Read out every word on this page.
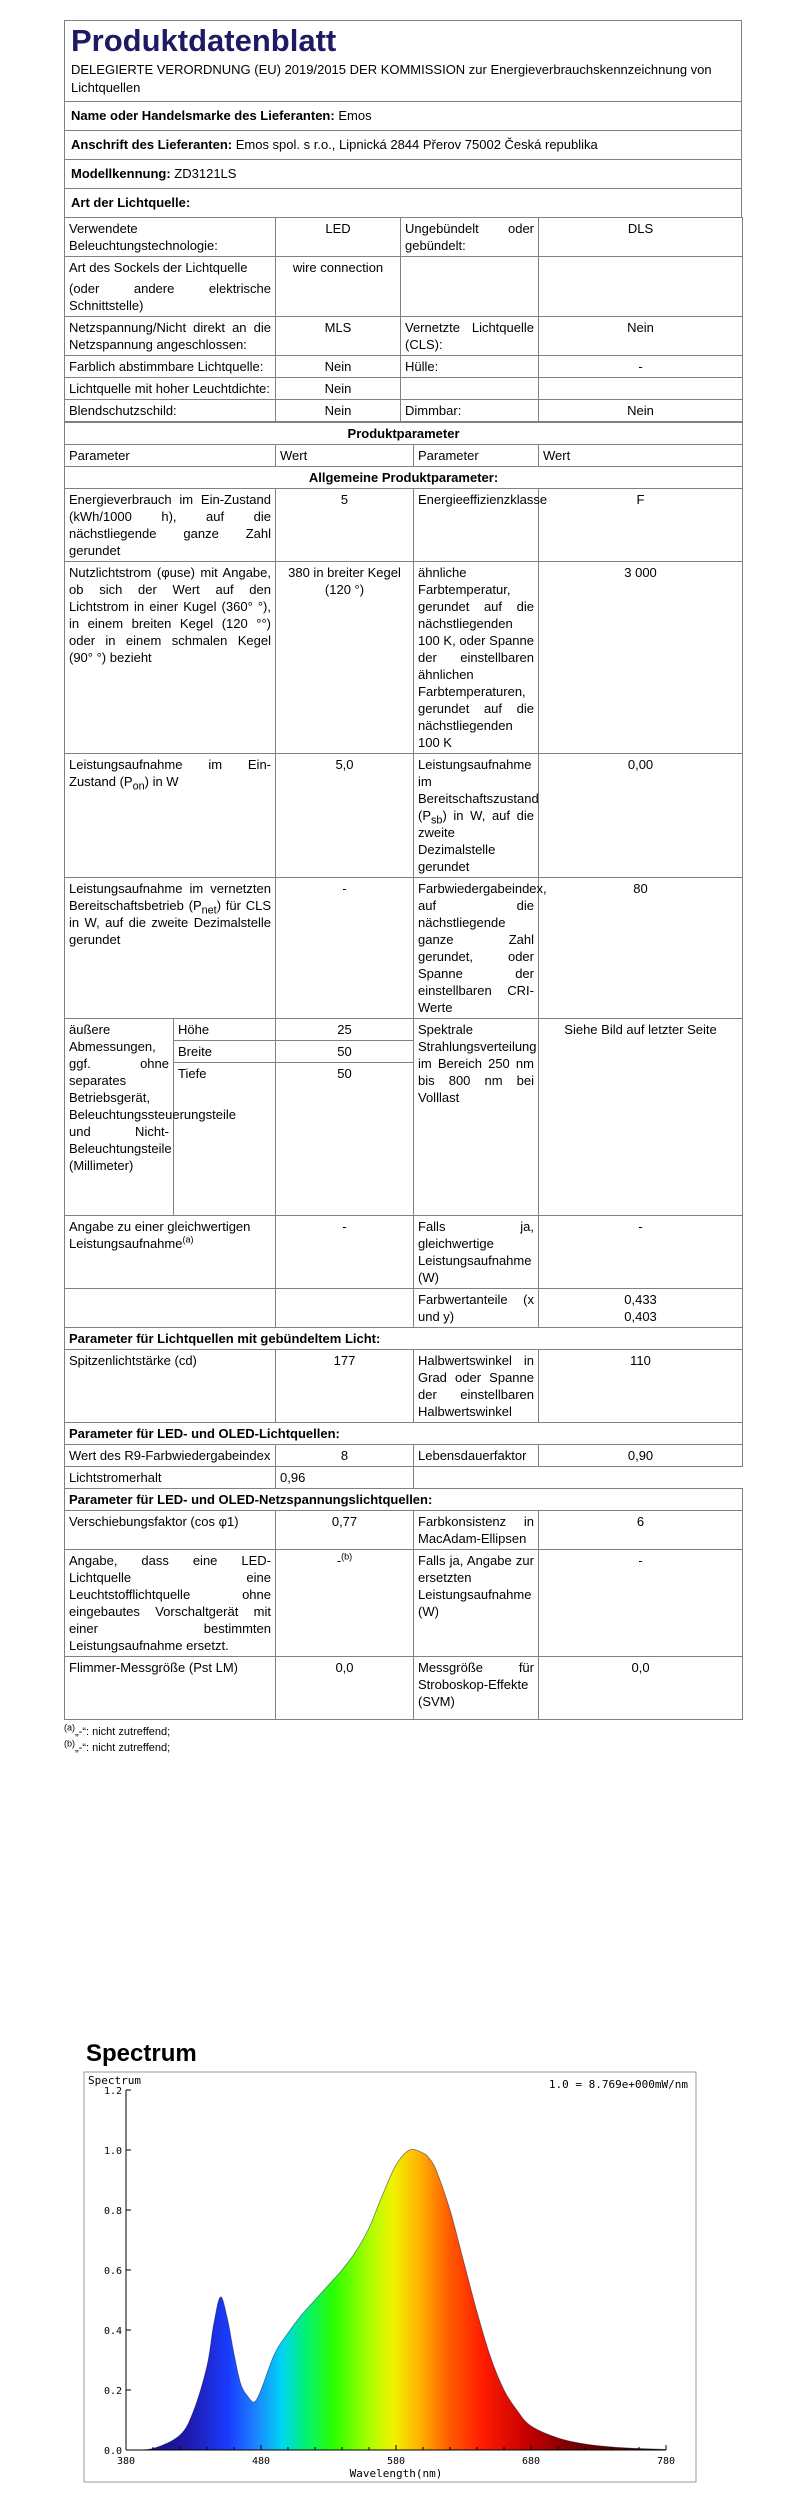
Produktdatenblatt
DELEGIERTE VERORDNUNG (EU) 2019/2015 DER KOMMISSION zur Energieverbrauchskennzeichnung von Lichtquellen
Name oder Handelsmarke des Lieferanten: Emos
Anschrift des Lieferanten: Emos spol. s r.o., Lipnická 2844 Přerov 75002 Česká republika
Modellkennung: ZD3121LS
Art der Lichtquelle:
Verwendete Beleuchtungstechnologie:	LED	Ungebündelt oder gebündelt:	DLS

Art des Sockels der Lichtquelle
(oder andere elektrische Schnittstelle)	wire connection		
Netzspannung/Nicht direkt an die Netzspannung angeschlossen:	MLS	Vernetzte Lichtquelle (CLS):	Nein
Farblich abstimmbare Lichtquelle:	Nein	Hülle:	-
Lichtquelle mit hoher Leuchtdichte:	Nein		
Blendschutzschild:	Nein	Dimmbar:	Nein
Produktparameter				
Parameter		Wert	Parameter	Wert
Allgemeine Produktparameter:				
Energieverbrauch im Ein-Zustand (kWh/1000 h), auf die nächstliegende ganze Zahl gerundet		5	Energieeffizienzklasse	F
Nutzlichtstrom (φuse) mit Angabe, ob sich der Wert auf den Lichtstrom in einer Kugel (360° °), in einem breiten Kegel (120 °°) oder in einem schmalen Kegel (90° °) bezieht		380 in breiter Kegel (120 °)	ähnliche Farbtemperatur, gerundet auf die nächstliegenden 100 K, oder Spanne der einstellbaren ähnlichen Farbtemperaturen, gerundet auf die nächstliegenden 100 K	3 000
Leistungsaufnahme im Ein-Zustand $(P_{on})$ in W		5,0	Leistungsaufnahme im Bereitschaftszustand $(P_{sb})$ in W, auf die zweite Dezimalstelle gerundet	0,00
Leistungsaufnahme im vernetzten Bereitschaftsbetrieb $(P_{net})$ für CLS in W, auf die zweite Dezimalstelle gerundet		-	Farbwiedergabeindex, auf die nächstliegende ganze Zahl gerundet, oder Spanne der einstellbaren CRI-Werte	80
äußere Abmessungen, ggf. ohne separates Betriebsgerät, Beleuchtungssteuerungsteile und Nicht-Beleuchtungsteile (Millimeter)	Höhe	25	Spektrale Strahlungsverteilung im Bereich 250 nm bis 800 nm bei Volllast	Siehe Bild auf letzter Seite
	Breite	50		
	Tiefe	50		
Angabe zu einer gleichwertigen Leistungsaufnahme$^{(a)}$		-	Falls ja, gleichwertige Leistungsaufnahme (W)	-
			Farbwertanteile (x und y)	0,433
0,403

Parameter für Lichtquellen mit gebündeltem Licht:				
Spitzenlichtstärke (cd)		177	Halbwertswinkel in Grad oder Spanne der einstellbaren Halbwertswinkel	110
Parameter für LED- und OLED-Lichtquellen:				
Wert des R9-Farbwiedergabeindex		8	Lebensdauerfaktor	0,90
Lichtstromerhalt		0,96		
Parameter für LED- und OLED-Netzspannungslichtquellen:				
Verschiebungsfaktor (cos φ1)		0,77	Farbkonsistenz in MacAdam-Ellipsen	6
Angabe, dass eine LED-Lichtquelle eine Leuchtstofflichtquelle ohne eingebautes Vorschaltgerät mit einer bestimmten Leistungsaufnahme ersetzt.		-$^{(b)}$	Falls ja, Angabe zur ersetzten Leistungsaufnahme (W)	-
Flimmer-Messgröße (Pst LM)		0,0	Messgröße für Stroboskop-Effekte (SVM)	0,0
$^{(a)}$„-“: nicht zutreffend;
$^{(b)}$„-“: nicht zutreffend;
Spectrum
Spectrum	1.0 = 8.769e+000mW/nm
0.0
0.2
0.4
0.6
0.8
1.0
1.2
380	480	580	680	780
Wavelength(nm)
